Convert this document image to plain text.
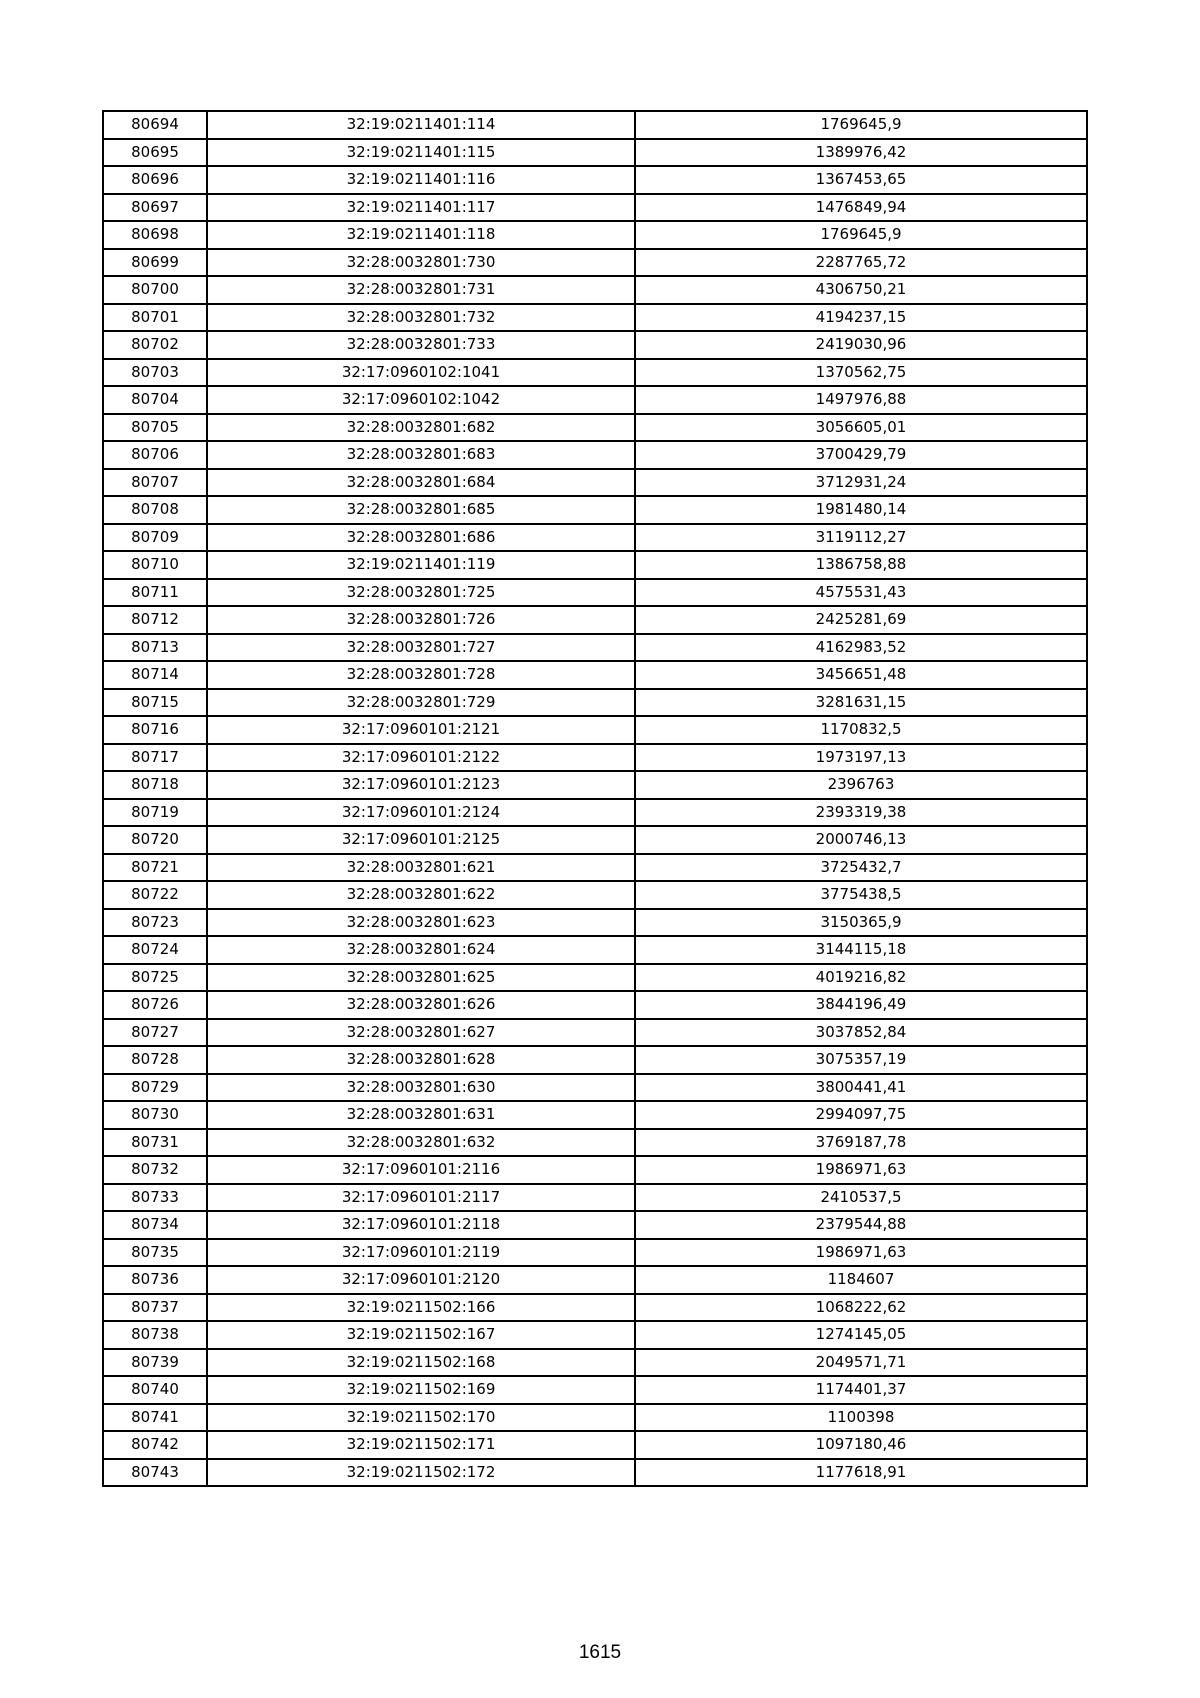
80694	32:19:0211401:114	1769645,9
80695	32:19:0211401:115	1389976,42
80696	32:19:0211401:116	1367453,65
80697	32:19:0211401:117	1476849,94
80698	32:19:0211401:118	1769645,9
80699	32:28:0032801:730	2287765,72
80700	32:28:0032801:731	4306750,21
80701	32:28:0032801:732	4194237,15
80702	32:28:0032801:733	2419030,96
80703	32:17:0960102:1041	1370562,75
80704	32:17:0960102:1042	1497976,88
80705	32:28:0032801:682	3056605,01
80706	32:28:0032801:683	3700429,79
80707	32:28:0032801:684	3712931,24
80708	32:28:0032801:685	1981480,14
80709	32:28:0032801:686	3119112,27
80710	32:19:0211401:119	1386758,88
80711	32:28:0032801:725	4575531,43
80712	32:28:0032801:726	2425281,69
80713	32:28:0032801:727	4162983,52
80714	32:28:0032801:728	3456651,48
80715	32:28:0032801:729	3281631,15
80716	32:17:0960101:2121	1170832,5
80717	32:17:0960101:2122	1973197,13
80718	32:17:0960101:2123	2396763
80719	32:17:0960101:2124	2393319,38
80720	32:17:0960101:2125	2000746,13
80721	32:28:0032801:621	3725432,7
80722	32:28:0032801:622	3775438,5
80723	32:28:0032801:623	3150365,9
80724	32:28:0032801:624	3144115,18
80725	32:28:0032801:625	4019216,82
80726	32:28:0032801:626	3844196,49
80727	32:28:0032801:627	3037852,84
80728	32:28:0032801:628	3075357,19
80729	32:28:0032801:630	3800441,41
80730	32:28:0032801:631	2994097,75
80731	32:28:0032801:632	3769187,78
80732	32:17:0960101:2116	1986971,63
80733	32:17:0960101:2117	2410537,5
80734	32:17:0960101:2118	2379544,88
80735	32:17:0960101:2119	1986971,63
80736	32:17:0960101:2120	1184607
80737	32:19:0211502:166	1068222,62
80738	32:19:0211502:167	1274145,05
80739	32:19:0211502:168	2049571,71
80740	32:19:0211502:169	1174401,37
80741	32:19:0211502:170	1100398
80742	32:19:0211502:171	1097180,46
80743	32:19:0211502:172	1177618,91
1615
